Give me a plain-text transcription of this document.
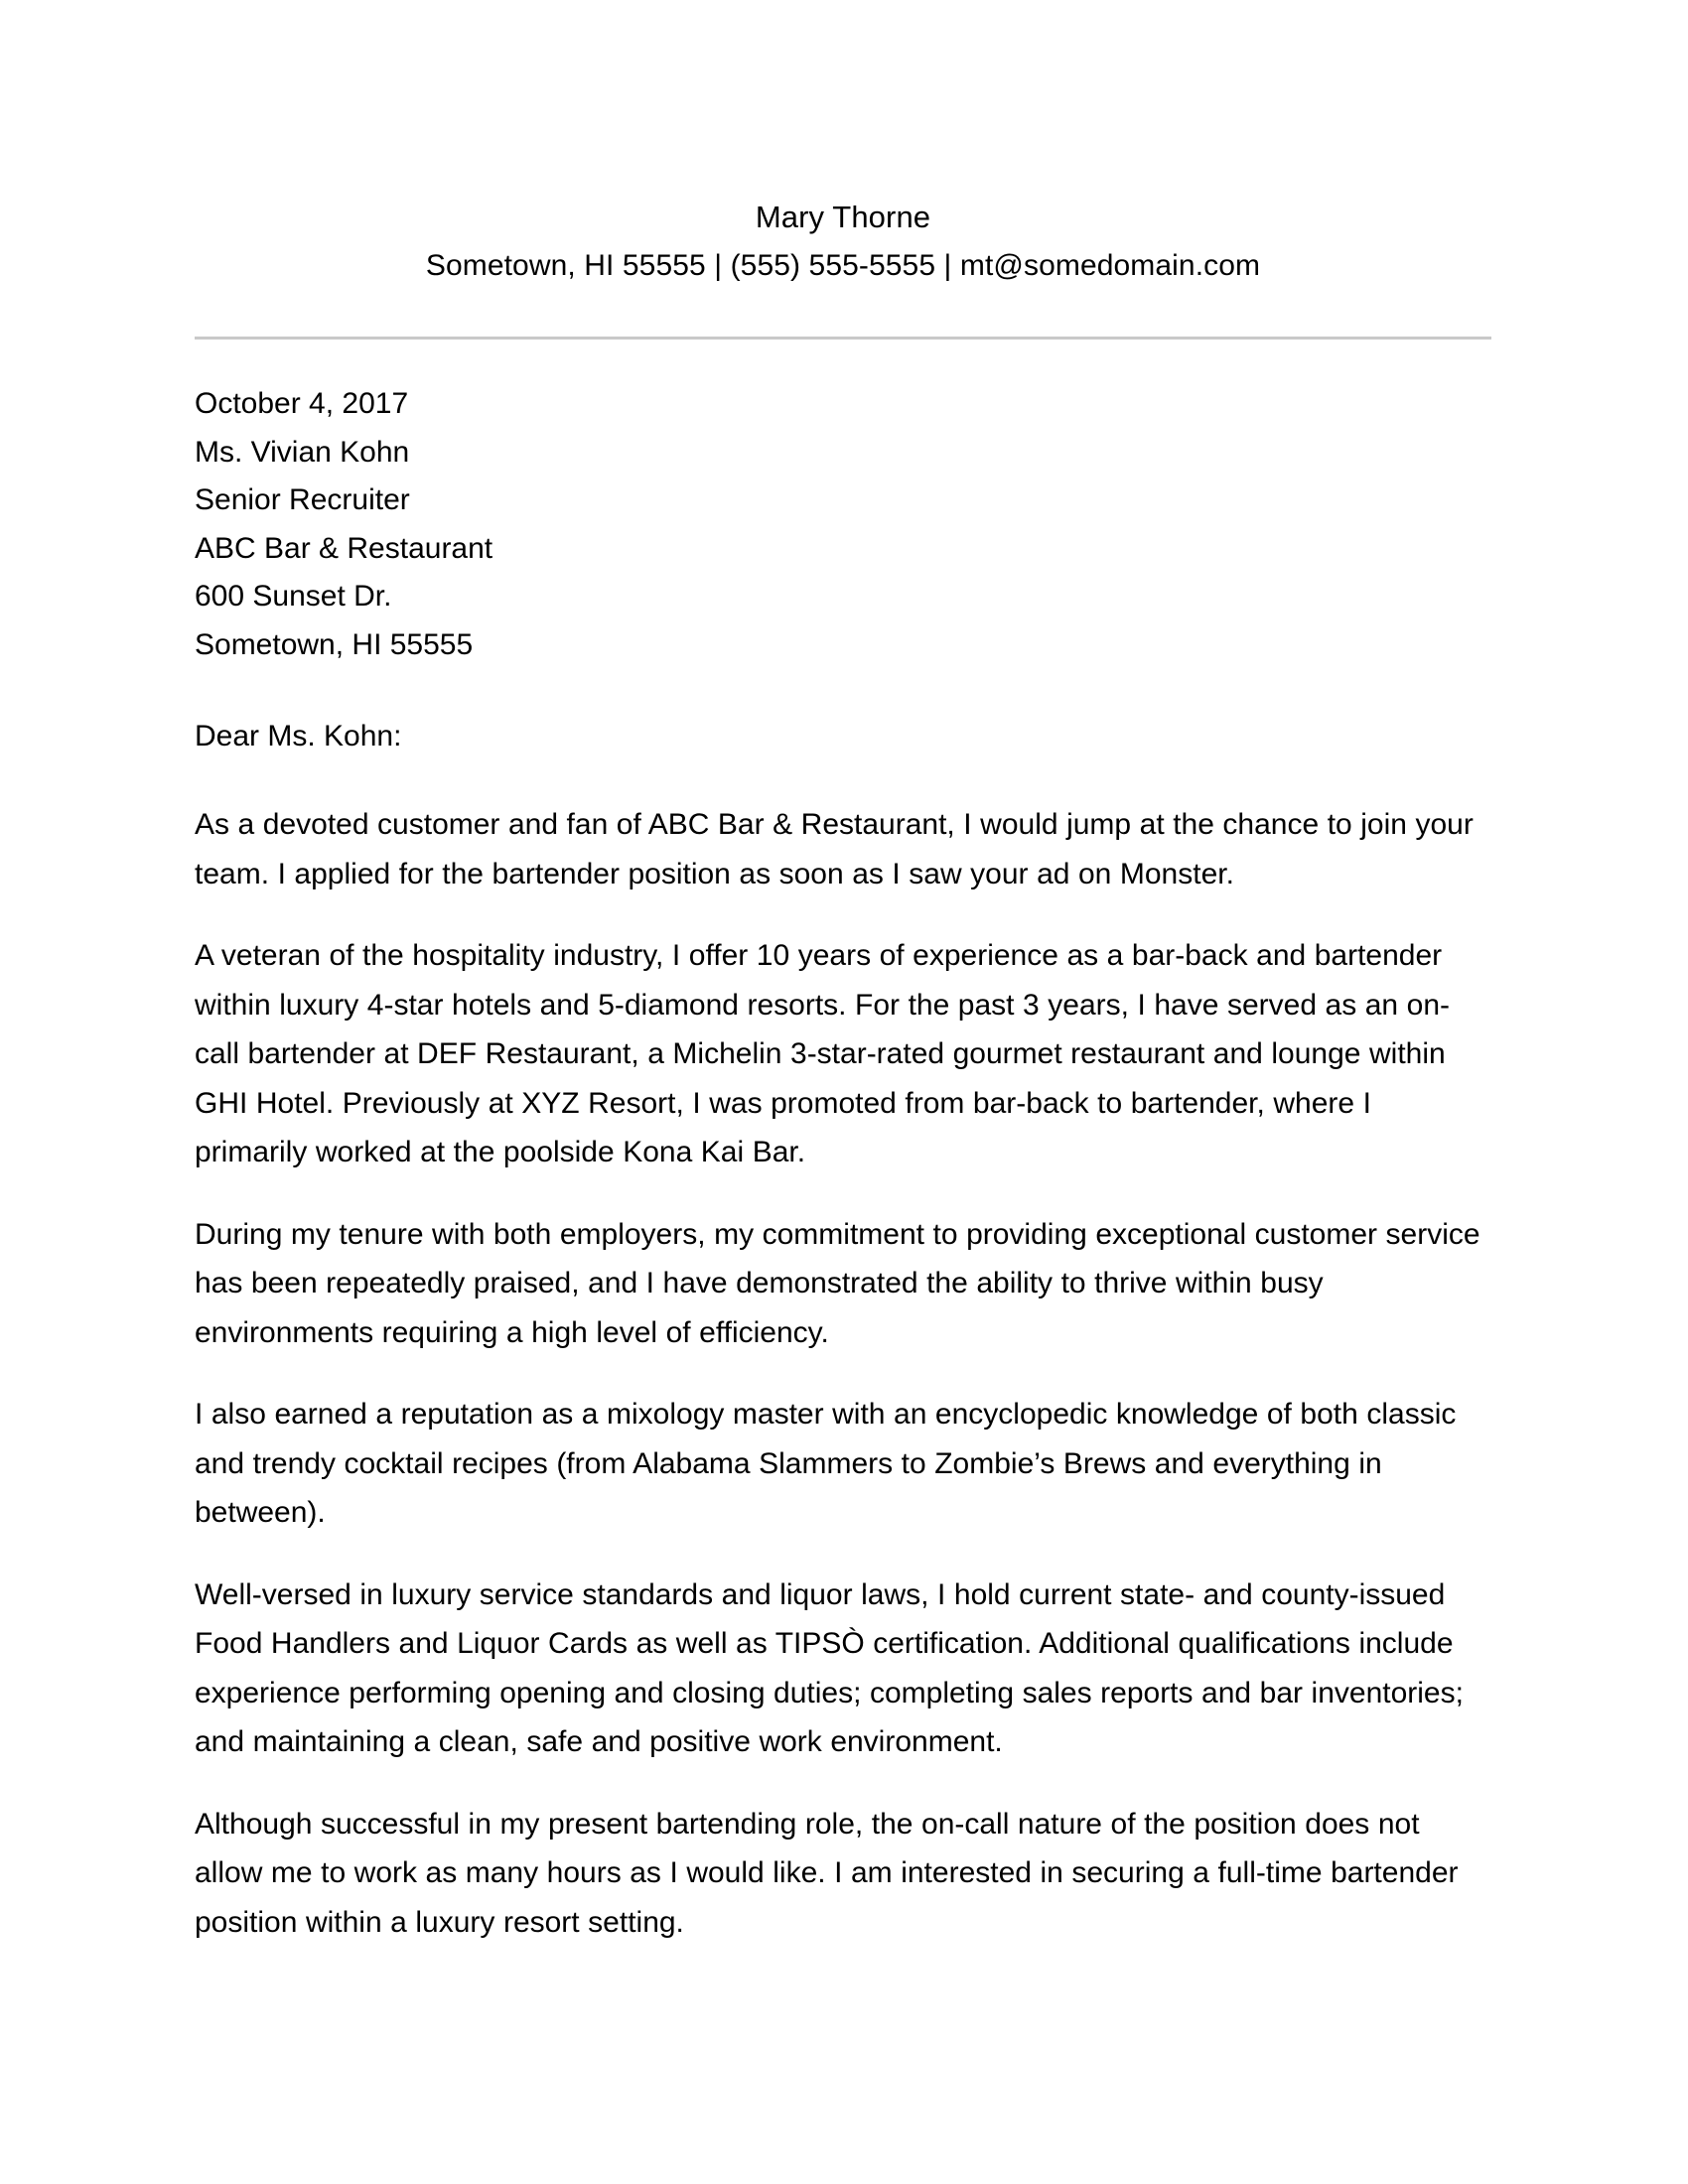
Mary Thorne
Sometown, HI 55555 | (555) 555-5555 | mt@somedomain.com
October 4, 2017
Ms. Vivian Kohn
Senior Recruiter
ABC Bar & Restaurant
600 Sunset Dr.
Sometown, HI 55555
Dear Ms. Kohn:

As a devoted customer and fan of ABC Bar & Restaurant, I would jump at the chance to join your team. I applied for the bartender position as soon as I saw your ad on Monster.

A veteran of the hospitality industry, I offer 10 years of experience as a bar-back and bartender within luxury 4-star hotels and 5-diamond resorts. For the past 3 years, I have served as an on-call bartender at DEF Restaurant, a Michelin 3-star-rated gourmet restaurant and lounge within GHI Hotel. Previously at XYZ Resort, I was promoted from bar-back to bartender, where I primarily worked at the poolside Kona Kai Bar.

During my tenure with both employers, my commitment to providing exceptional customer service has been repeatedly praised, and I have demonstrated the ability to thrive within busy environments requiring a high level of efficiency.

I also earned a reputation as a mixology master with an encyclopedic knowledge of both classic and trendy cocktail recipes (from Alabama Slammers to Zombie’s Brews and everything in between).

Well-versed in luxury service standards and liquor laws, I hold current state- and county-issued Food Handlers and Liquor Cards as well as TIPSÒ certification. Additional qualifications include experience performing opening and closing duties; completing sales reports and bar inventories; and maintaining a clean, safe and positive work environment.

Although successful in my present bartending role, the on-call nature of the position does not allow me to work as many hours as I would like. I am interested in securing a full-time bartender position within a luxury resort setting.
